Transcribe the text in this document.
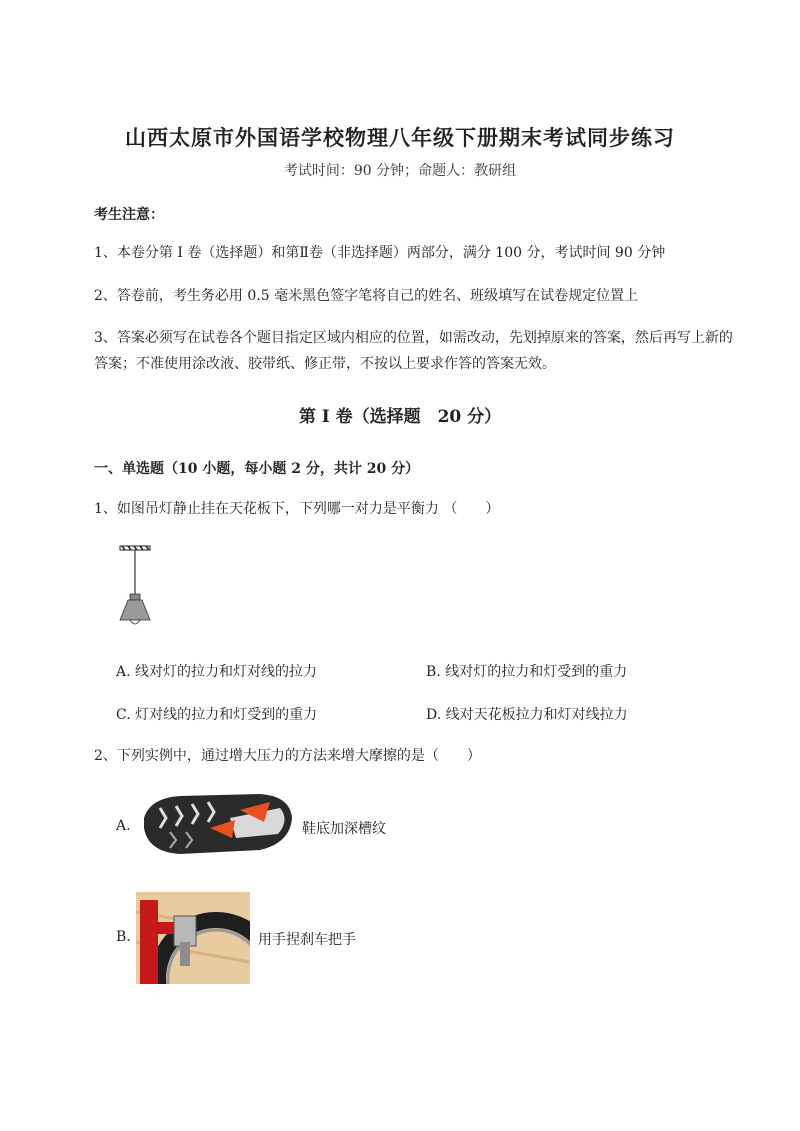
山西太原市外国语学校物理八年级下册期末考试同步练习
考试时间：90 分钟；命题人：教研组
考生注意：
1、本卷分第 I 卷（选择题）和第Ⅱ卷（非选择题）两部分，满分 100 分，考试时间 90 分钟
2、答卷前，考生务必用 0.5 毫米黑色签字笔将自己的姓名、班级填写在试卷规定位置上
3、答案必须写在试卷各个题目指定区域内相应的位置，如需改动，先划掉原来的答案，然后再写上新的答案；不准使用涂改液、胶带纸、修正带，不按以上要求作答的答案无效。
第 I 卷（选择题　20 分）
一、单选题（10 小题，每小题 2 分，共计 20 分）
1、如图吊灯静止挂在天花板下，下列哪一对力是平衡力 （　　）
A. 线对灯的拉力和灯对线的拉力	B. 线对灯的拉力和灯受到的重力
C. 灯对线的拉力和灯受到的重力	D. 线对天花板拉力和灯对线拉力
2、下列实例中，通过增大压力的方法来增大摩擦的是（　　）
A.	鞋底加深槽纹
B.	用手捏刹车把手
